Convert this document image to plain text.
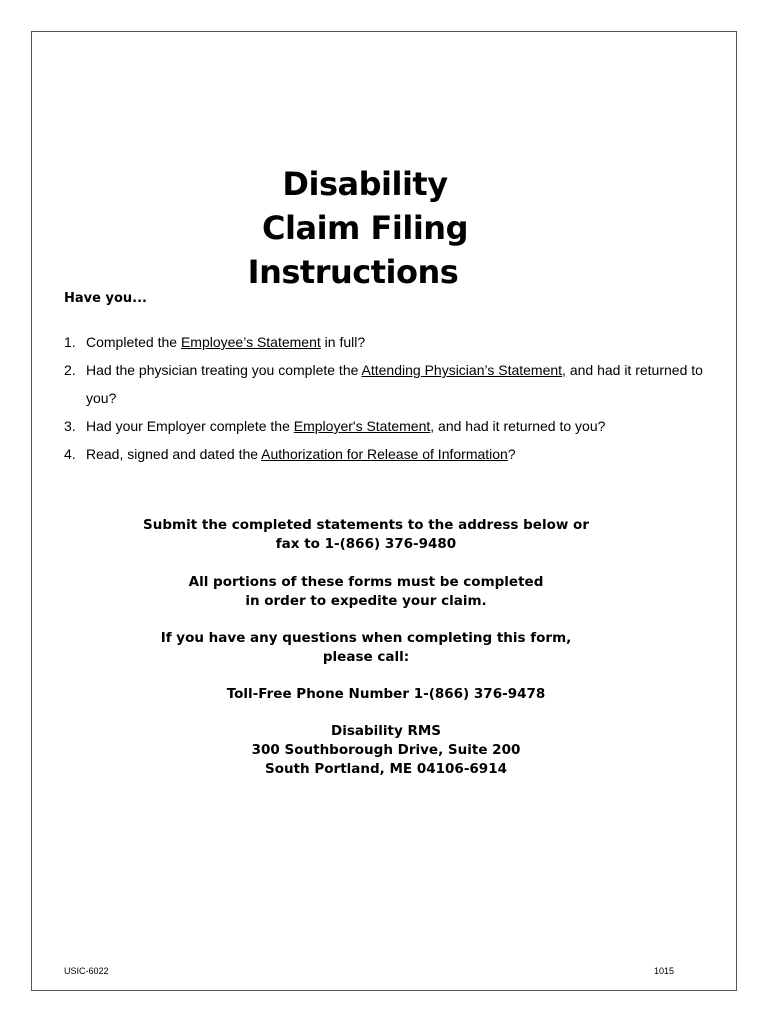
Disability
Claim Filing
Instructions
Have you...
1. Completed the Employee’s Statement in full?
2. Had the physician treating you complete the Attending Physician’s Statement, and had it returned to you?
3. Had your Employer complete the Employer's Statement, and had it returned to you?
4. Read, signed and dated the Authorization for Release of Information?
Submit the completed statements to the address below or
fax to 1-(866) 376-9480
All portions of these forms must be completed
in order to expedite your claim.
If you have any questions when completing this form,
please call:
Toll-Free Phone Number 1-(866) 376-9478
Disability RMS
300 Southborough Drive, Suite 200
South Portland, ME 04106-6914
USIC-6022	1015
